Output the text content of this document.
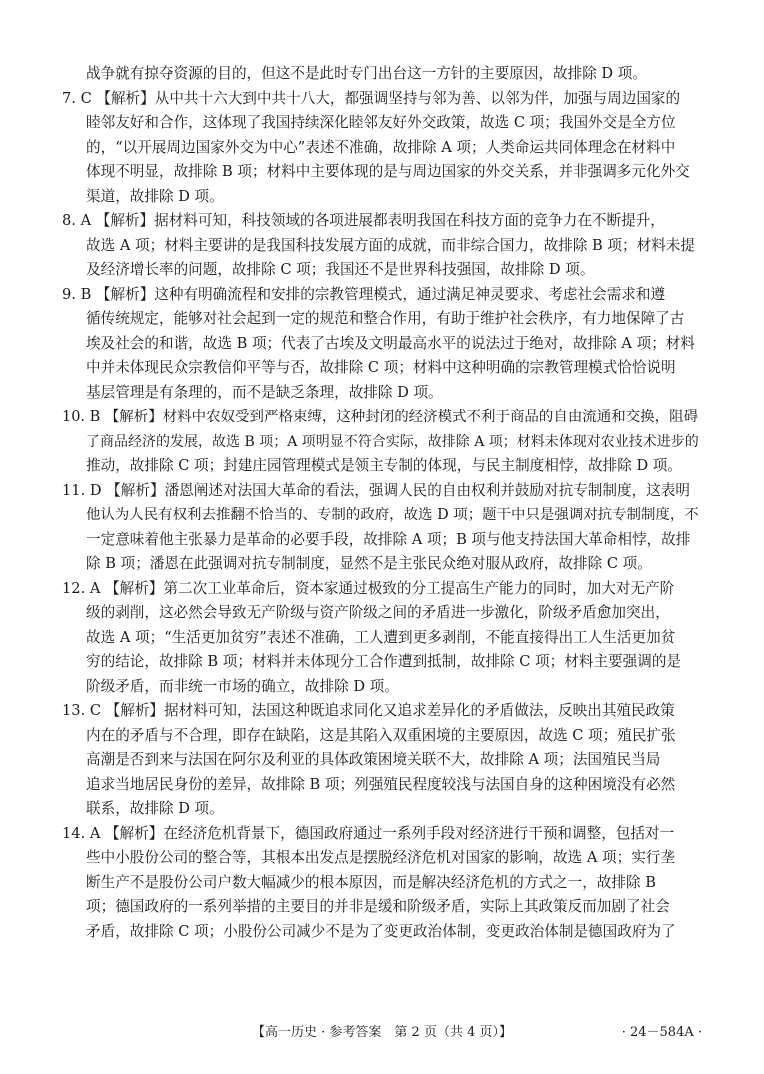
战争就有掠夺资源的目的，但这不是此时专门出台这一方针的主要原因，故排除 D 项。
7. C 【解析】从中共十六大到中共十八大，都强调坚持与邻为善、以邻为伴，加强与周边国家的
睦邻友好和合作，这体现了我国持续深化睦邻友好外交政策，故选 C 项；我国外交是全方位
的，“以开展周边国家外交为中心”表述不准确，故排除 A 项；人类命运共同体理念在材料中
体现不明显，故排除 B 项；材料中主要体现的是与周边国家的外交关系，并非强调多元化外交
渠道，故排除 D 项。
8. A 【解析】据材料可知，科技领域的各项进展都表明我国在科技方面的竞争力在不断提升，
故选 A 项；材料主要讲的是我国科技发展方面的成就，而非综合国力，故排除 B 项；材料未提
及经济增长率的问题，故排除 C 项；我国还不是世界科技强国，故排除 D 项。
9. B 【解析】这种有明确流程和安排的宗教管理模式，通过满足神灵要求、考虑社会需求和遵
循传统规定，能够对社会起到一定的规范和整合作用，有助于维护社会秩序，有力地保障了古
埃及社会的和谐，故选 B 项；代表了古埃及文明最高水平的说法过于绝对，故排除 A 项；材料
中并未体现民众宗教信仰平等与否，故排除 C 项；材料中这种明确的宗教管理模式恰恰说明
基层管理是有条理的，而不是缺乏条理，故排除 D 项。
10. B 【解析】材料中农奴受到严格束缚，这种封闭的经济模式不利于商品的自由流通和交换，阻碍
了商品经济的发展，故选 B 项；A 项明显不符合实际，故排除 A 项；材料未体现对农业技术进步的
推动，故排除 C 项；封建庄园管理模式是领主专制的体现，与民主制度相悖，故排除 D 项。
11. D 【解析】潘恩阐述对法国大革命的看法，强调人民的自由权利并鼓励对抗专制制度，这表明
他认为人民有权利去推翻不恰当的、专制的政府，故选 D 项；题干中只是强调对抗专制制度，不
一定意味着他主张暴力是革命的必要手段，故排除 A 项；B 项与他支持法国大革命相悖，故排
除 B 项；潘恩在此强调对抗专制制度，显然不是主张民众绝对服从政府，故排除 C 项。
12. A 【解析】第二次工业革命后，资本家通过极致的分工提高生产能力的同时，加大对无产阶
级的剥削，这必然会导致无产阶级与资产阶级之间的矛盾进一步激化，阶级矛盾愈加突出，
故选 A 项；“生活更加贫穷”表述不准确，工人遭到更多剥削，不能直接得出工人生活更加贫
穷的结论，故排除 B 项；材料并未体现分工合作遭到抵制，故排除 C 项；材料主要强调的是
阶级矛盾，而非统一市场的确立，故排除 D 项。
13. C 【解析】据材料可知，法国这种既追求同化又追求差异化的矛盾做法，反映出其殖民政策
内在的矛盾与不合理，即存在缺陷，这是其陷入双重困境的主要原因，故选 C 项；殖民扩张
高潮是否到来与法国在阿尔及利亚的具体政策困境关联不大，故排除 A 项；法国殖民当局
追求当地居民身份的差异，故排除 B 项；列强殖民程度较浅与法国自身的这种困境没有必然
联系，故排除 D 项。
14. A 【解析】在经济危机背景下，德国政府通过一系列手段对经济进行干预和调整，包括对一
些中小股份公司的整合等，其根本出发点是摆脱经济危机对国家的影响，故选 A 项；实行垄
断生产不是股份公司户数大幅减少的根本原因，而是解决经济危机的方式之一，故排除 B
项；德国政府的一系列举措的主要目的并非是缓和阶级矛盾，实际上其政策反而加剧了社会
矛盾，故排除 C 项；小股份公司减少不是为了变更政治体制，变更政治体制是德国政府为了
【高一历史 · 参考答案　第 2 页（共 4 页）】	· 24－584A ·
